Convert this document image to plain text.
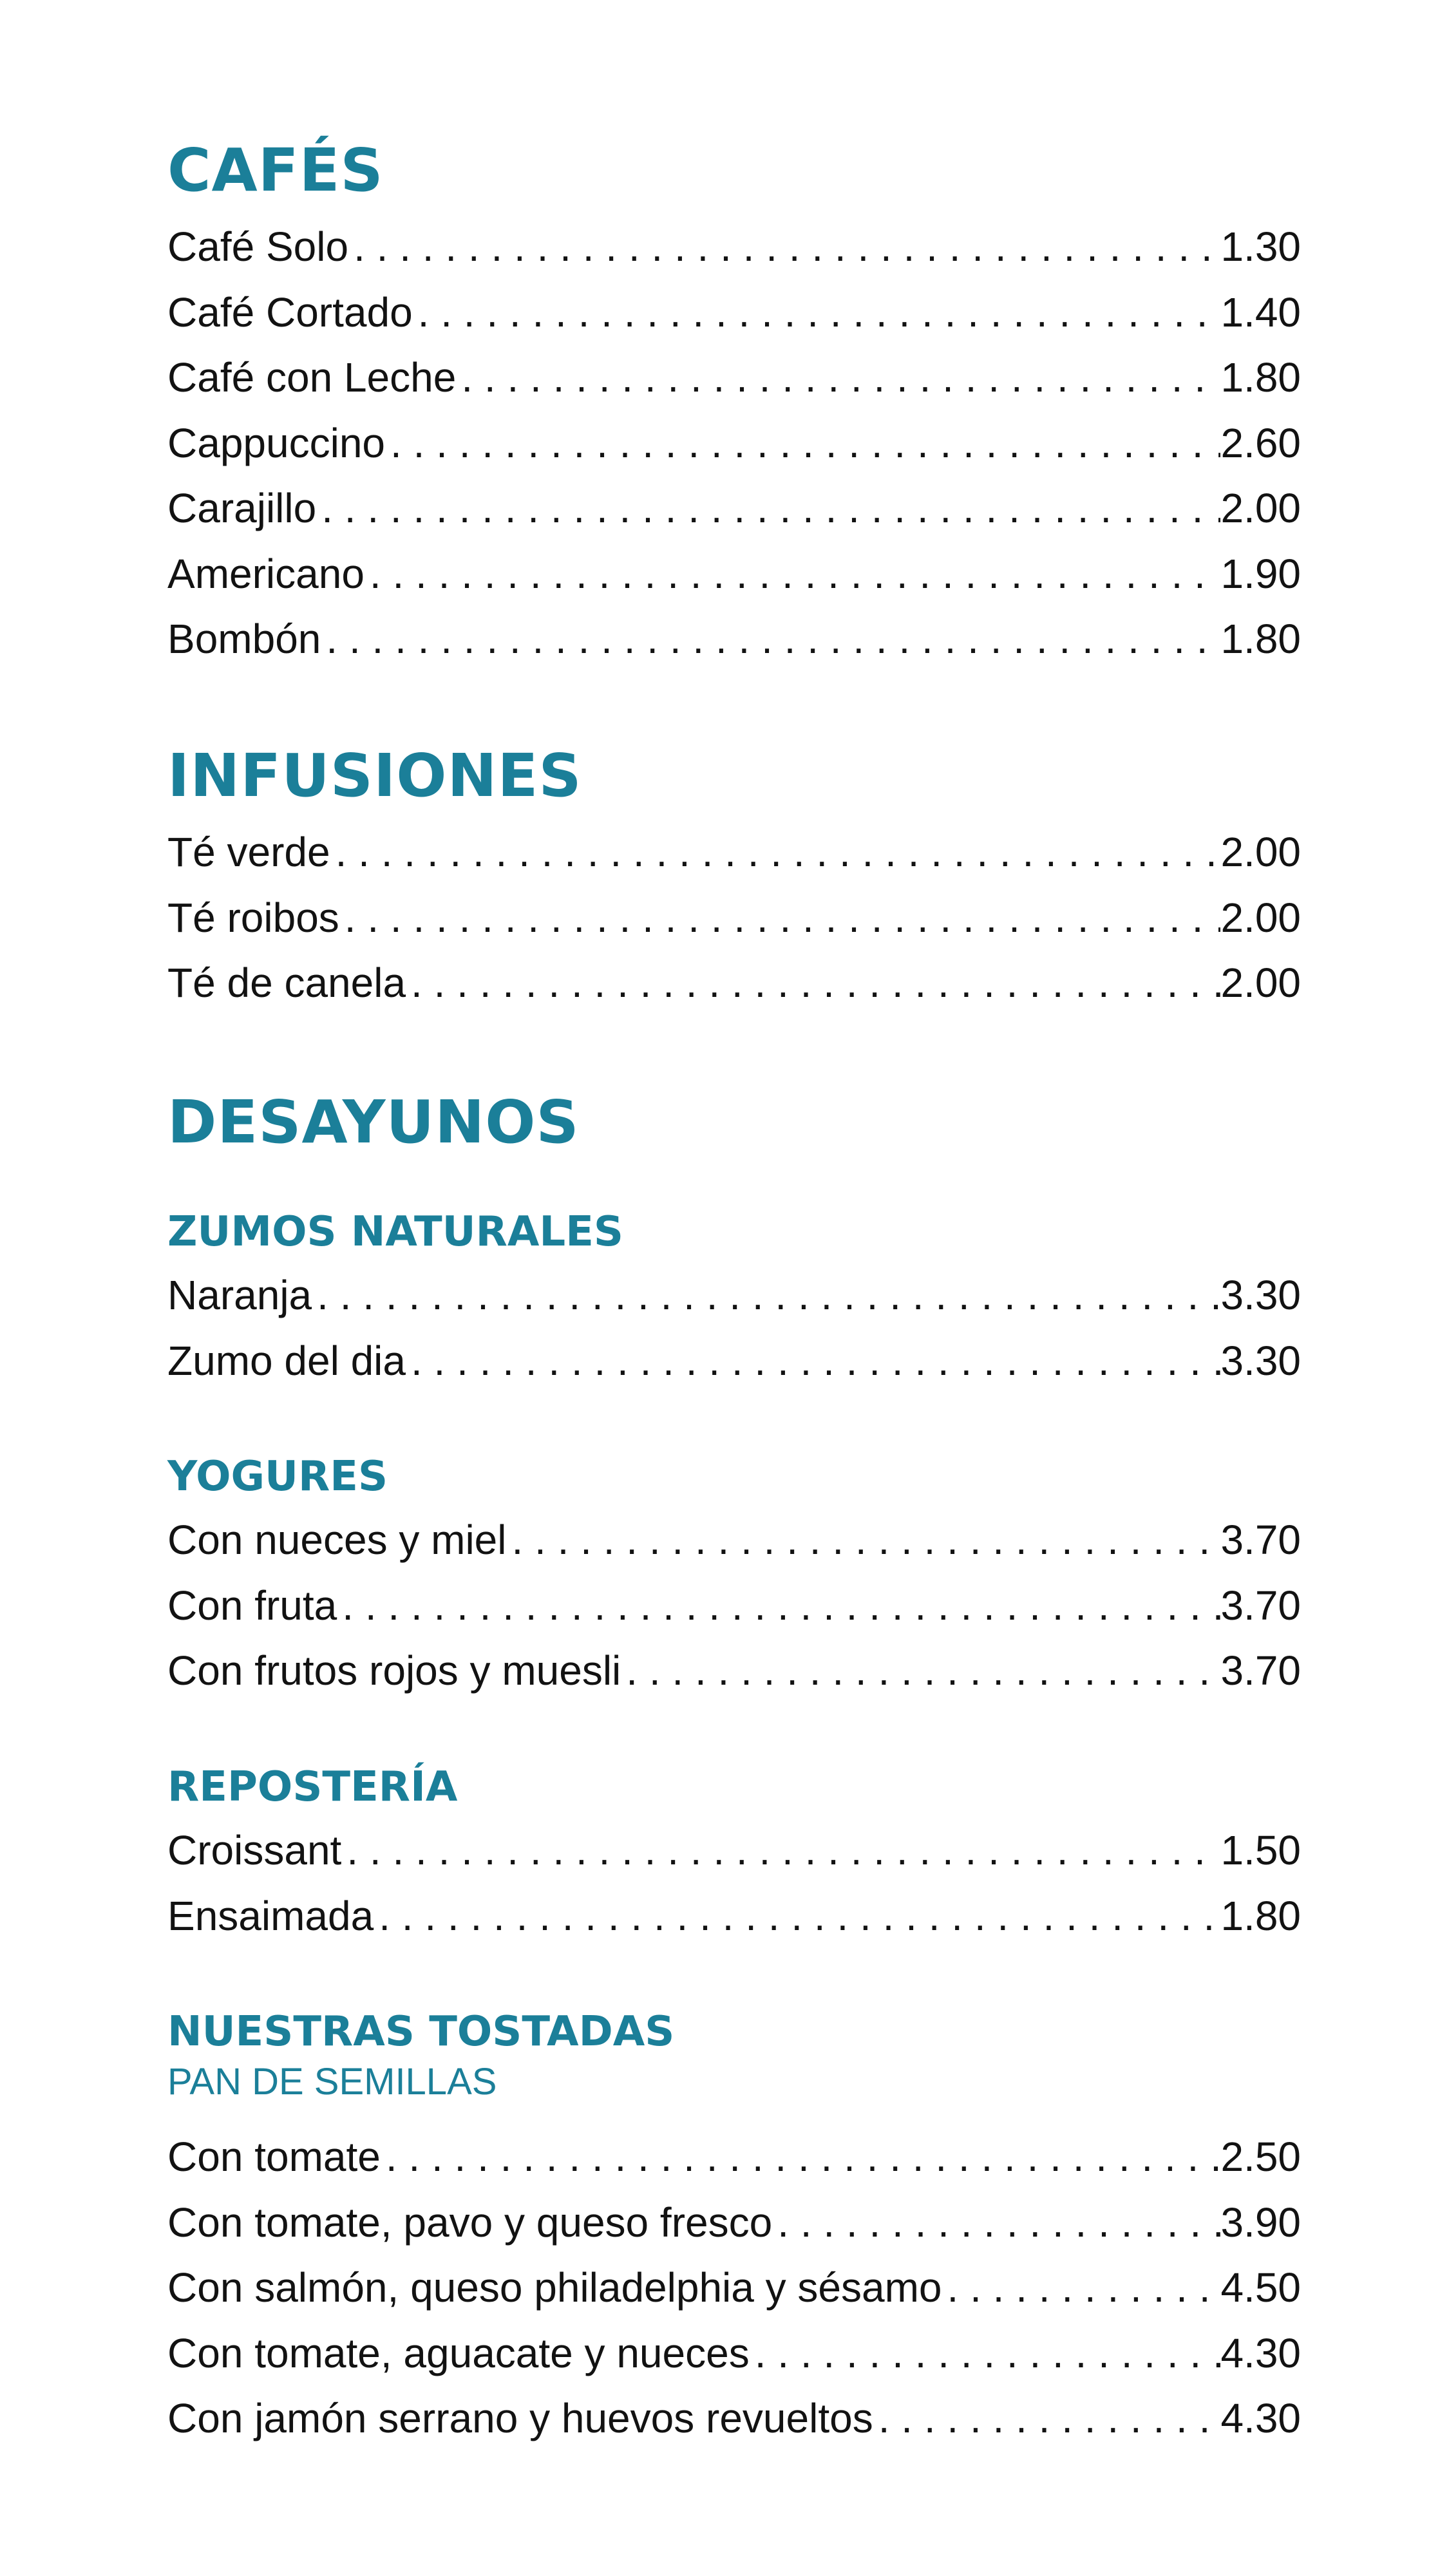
CAFÉS
Café Solo . . .	1.30
Café Cortado . . .	1.40
Café con Leche . . .	1.80
Cappuccino . . .	2.60
Carajillo . . .	2.00
Americano . . .	1.90
Bombón . . .	1.80
INFUSIONES
Té verde . . .	2.00
Té roibos . . .	2.00
Té de canela . . .	2.00
DESAYUNOS
ZUMOS NATURALES
Naranja . . .	3.30
Zumo del dia . . .	3.30
YOGURES
Con nueces y miel . . .	3.70
Con fruta . . .	3.70
Con frutos rojos y muesli . . .	3.70
REPOSTERÍA
Croissant . . .	1.50
Ensaimada . . .	1.80
NUESTRAS TOSTADAS

PAN DE SEMILLAS

Con tomate . . .	2.50
Con tomate, pavo y queso fresco . . .	3.90
Con salmón, queso philadelphia y sésamo . . .	4.50
Con tomate, aguacate y nueces . . .	4.30
Con jamón serrano y huevos revueltos . . .	4.30
